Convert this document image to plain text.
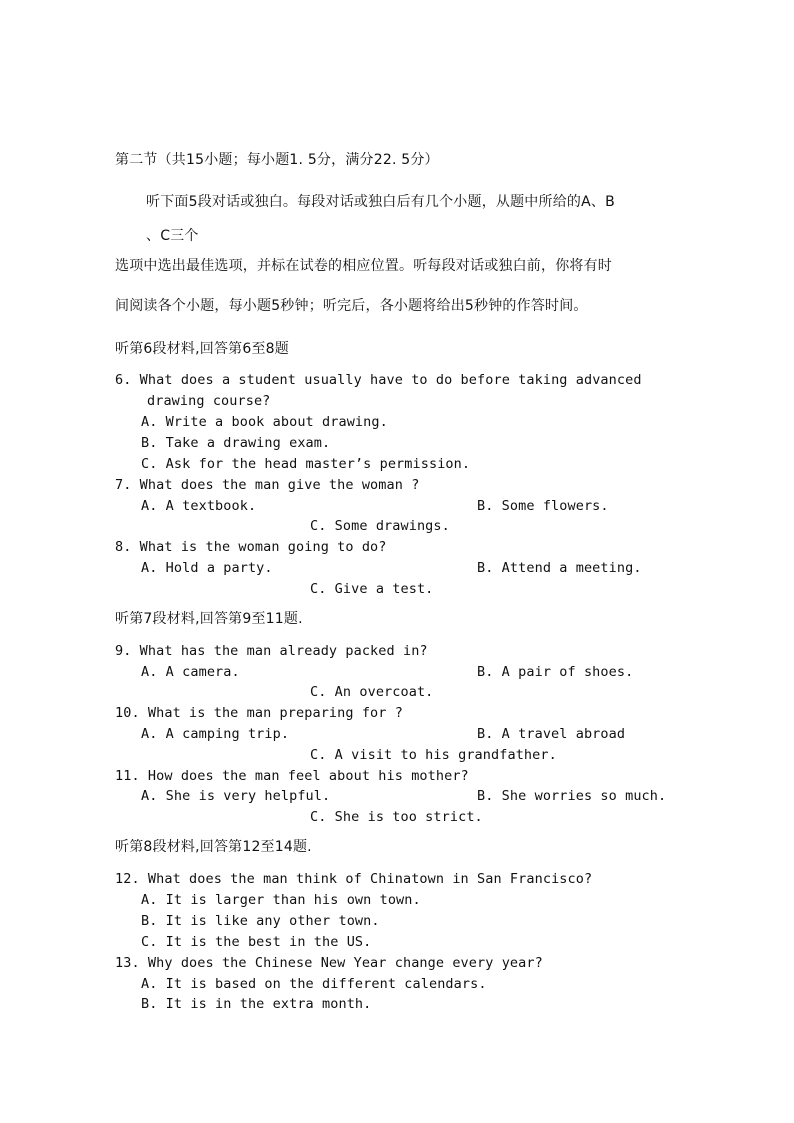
第二节（共15小题；每小题1. 5分，满分22. 5分）
听下面5段对话或独白。每段对话或独白后有几个小题，从题中所给的A、B
、C三个
选项中选出最佳选项，并标在试卷的相应位置。听每段对话或独白前，你将有时
间阅读各个小题，每小题5秒钟；听完后，各小题将给出5秒钟的作答时间。
听第6段材料,回答第6至8题
6. What does a student usually have to do before taking advanced
drawing course?
A. Write a book about drawing.
B. Take a drawing exam.
C. Ask for the head master’s permission.
7. What does the man give the woman ?
A. A textbook.	B. Some flowers.
C. Some drawings.
8. What is the woman going to do?
A. Hold a party.	B. Attend a meeting.
C. Give a test.
听第7段材料,回答第9至11题.
9. What has the man already packed in?
A. A camera.	B. A pair of shoes.
C. An overcoat.
10. What is the man preparing for ?
A. A camping trip.	B. A travel abroad
C. A visit to his grandfather.
11. How does the man feel about his mother?
A. She is very helpful.	B. She worries so much.
C. She is too strict.
听第8段材料,回答第12至14题.
12. What does the man think of Chinatown in San Francisco?
A. It is larger than his own town.
B. It is like any other town.
C. It is the best in the US.
13. Why does the Chinese New Year change every year?
A. It is based on the different calendars.
B. It is in the extra month.
